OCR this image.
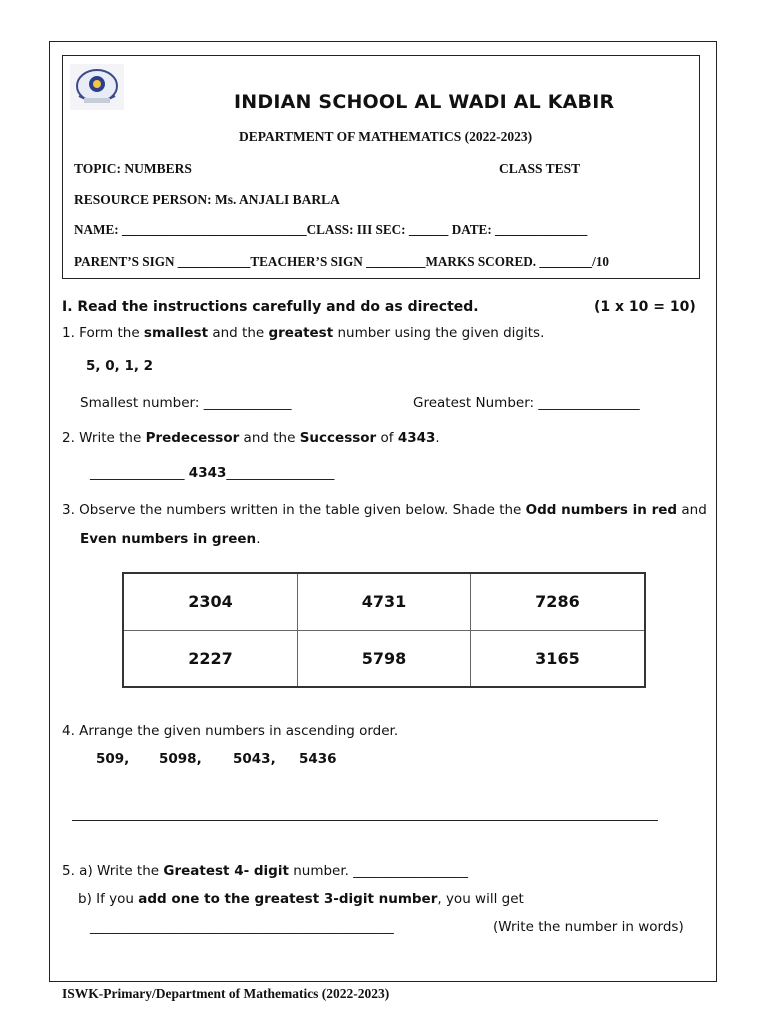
INDIAN SCHOOL AL WADI AL KABIR
DEPARTMENT OF MATHEMATICS (2022-2023)
TOPIC: NUMBERS	CLASS TEST
RESOURCE PERSON: Ms. ANJALI BARLA
NAME: ____________________________CLASS: III SEC: ______ DATE: ______________
PARENT’S SIGN ___________TEACHER’S SIGN _________MARKS SCORED. ________/10
I. Read the instructions carefully and do as directed.	(1 x 10 = 10)
1. Form the smallest and the greatest number using the given digits.
5, 0, 1, 2
Smallest number: _____________	Greatest Number: _______________
2. Write the Predecessor and the Successor of 4343.
______________ 4343________________
3. Observe the numbers written in the table given below. Shade the Odd numbers in red and
Even numbers in green.
2304	4731	7286
2227	5798	3165
4. Arrange the given numbers in ascending order.
509, 5098, 5043, 5436
5. a) Write the Greatest 4- digit number. _________________
b) If you add one to the greatest 3-digit number, you will get
_____________________________________________	(Write the number in words)
ISWK-Primary/Department of Mathematics (2022-2023)
